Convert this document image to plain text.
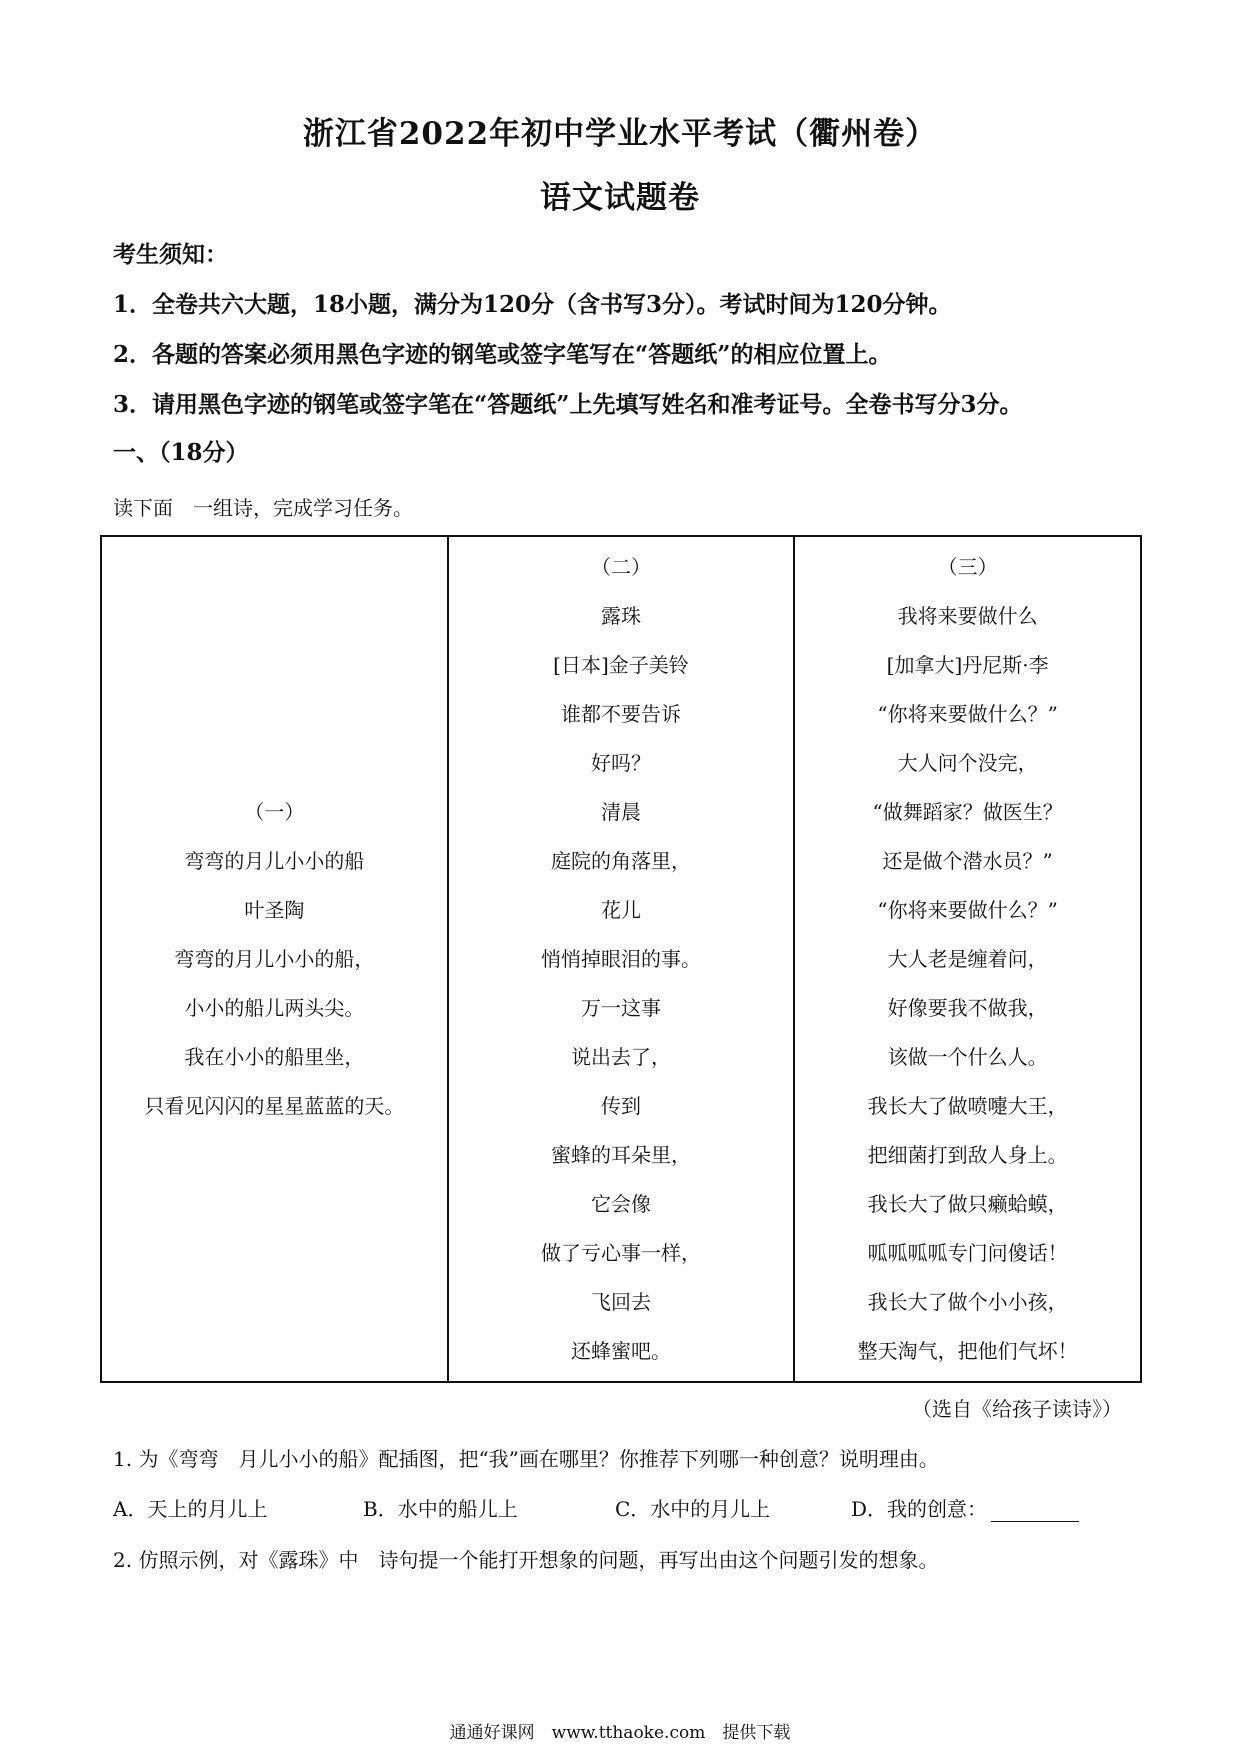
浙江省2022年初中学业水平考试（衢州卷）
语文试题卷
考生须知：
1．全卷共六大题，18小题，满分为120分（含书写3分）。考试时间为120分钟。
2．各题的答案必须用黑色字迹的钢笔或签字笔写在“答题纸”的相应位置上。
3．请用黑色字迹的钢笔或签字笔在“答题纸”上先填写姓名和准考证号。全卷书写分3分。
一、（18分）
读下面　一组诗，完成学习任务。
（一）
弯弯的月儿小小的船
叶圣陶
弯弯的月儿小小的船，
小小的船儿两头尖。
我在小小的船里坐，
只看见闪闪的星星蓝蓝的天。

（二）
露珠
[日本]金子美铃
谁都不要告诉
好吗？
清晨
庭院的角落里，
花儿
悄悄掉眼泪的事。
万一这事
说出去了，
传到
蜜蜂的耳朵里，
它会像
做了亏心事一样，
飞回去
还蜂蜜吧。

（三）
我将来要做什么
[加拿大]丹尼斯·李
“你将来要做什么？”
大人问个没完，
“做舞蹈家？做医生？
还是做个潜水员？”
“你将来要做什么？”
大人老是缠着问，
好像要我不做我，
该做一个什么人。
我长大了做喷嚏大王，
把细菌打到敌人身上。
我长大了做只癞蛤蟆，
呱呱呱呱专门问傻话！
我长大了做个小小孩，
整天淘气，把他们气坏！
（选自《给孩子读诗》）
1. 为《弯弯　月儿小小的船》配插图，把“我”画在哪里？你推荐下列哪一种创意？说明理由。
A．天上的月儿上	B．水中的船儿上	C．水中的月儿上	D．我的创意：
2. 仿照示例，对《露珠》中　诗句提一个能打开想象的问题，再写出由这个问题引发的想象。
通通好课网　www.tthaoke.com　提供下载
